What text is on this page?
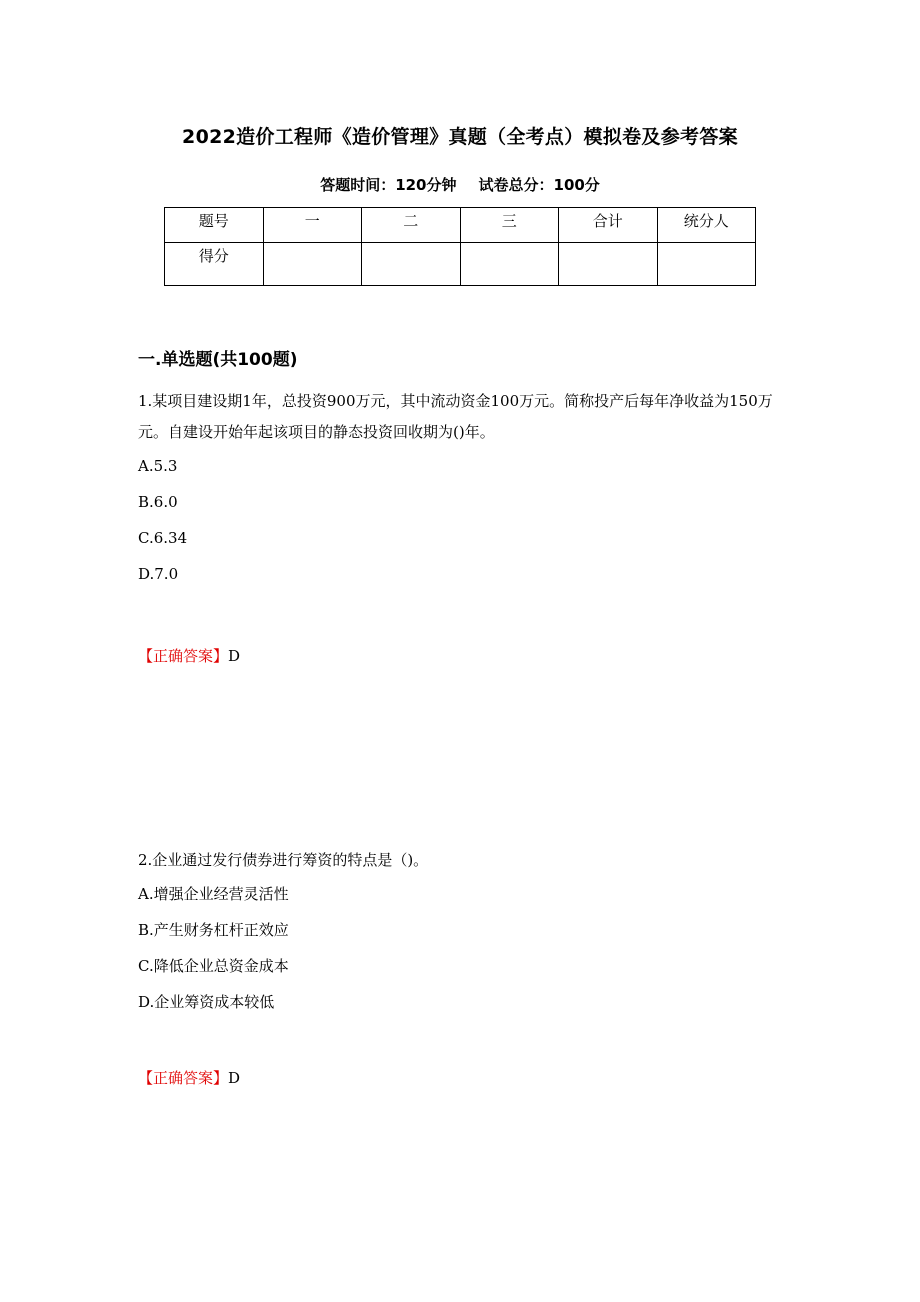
2022造价工程师《造价管理》真题（全考点）模拟卷及参考答案
答题时间：120分钟 试卷总分：100分
题号	一	二	三	合计	统分人
得分					
一.单选题(共100题)

1.某项目建设期1年，总投资900万元，其中流动资金100万元。简称投产后每年净收益为150万元。自建设开始年起该项目的静态投资回收期为()年。

A.5.3

B.6.0

C.6.34

D.7.0

【正确答案】D

2.企业通过发行债券进行筹资的特点是（)。

A.增强企业经营灵活性

B.产生财务杠杆正效应

C.降低企业总资金成本

D.企业筹资成本较低

【正确答案】D
